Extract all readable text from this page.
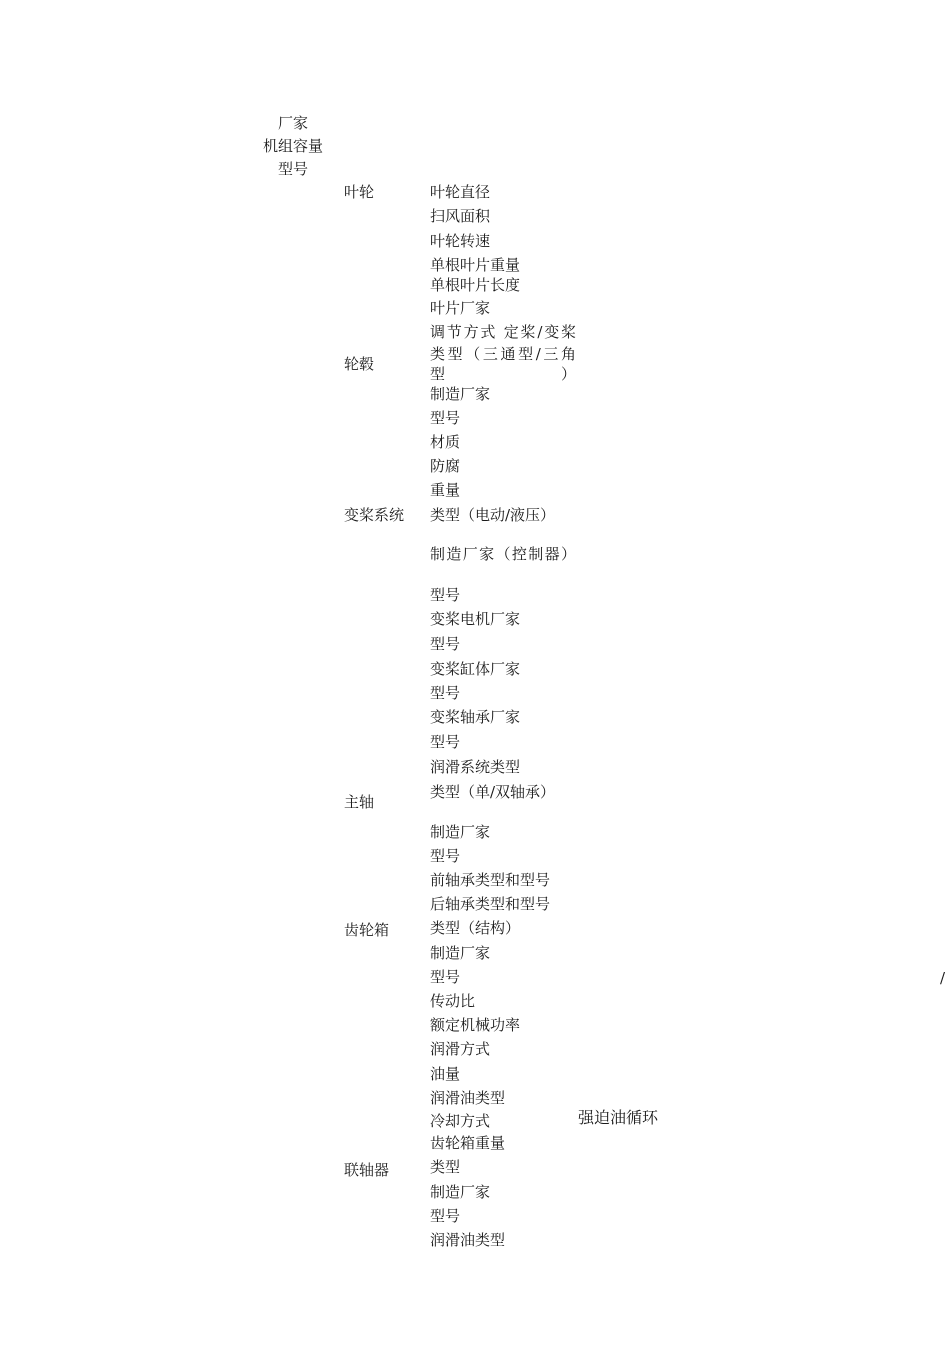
厂家
机组容量
型号
叶轮
轮毂
变桨系统
主轴
齿轮箱
联轴器
叶轮直径
扫风面积
叶轮转速
单根叶片重量
单根叶片长度
叶片厂家
调节方式 定桨/变桨
类型（三通型/三角型）
制造厂家
型号
材质
防腐
重量
类型（电动/液压）
制造厂家（控制器）
型号
变桨电机厂家
型号
变桨缸体厂家
型号
变桨轴承厂家
型号
润滑系统类型
类型（单/双轴承）
制造厂家
型号
前轴承类型和型号
后轴承类型和型号
类型（结构）
制造厂家
型号
传动比
额定机械功率
润滑方式
油量
润滑油类型
冷却方式
齿轮箱重量
类型
制造厂家
型号
润滑油类型
强迫油循环
/
